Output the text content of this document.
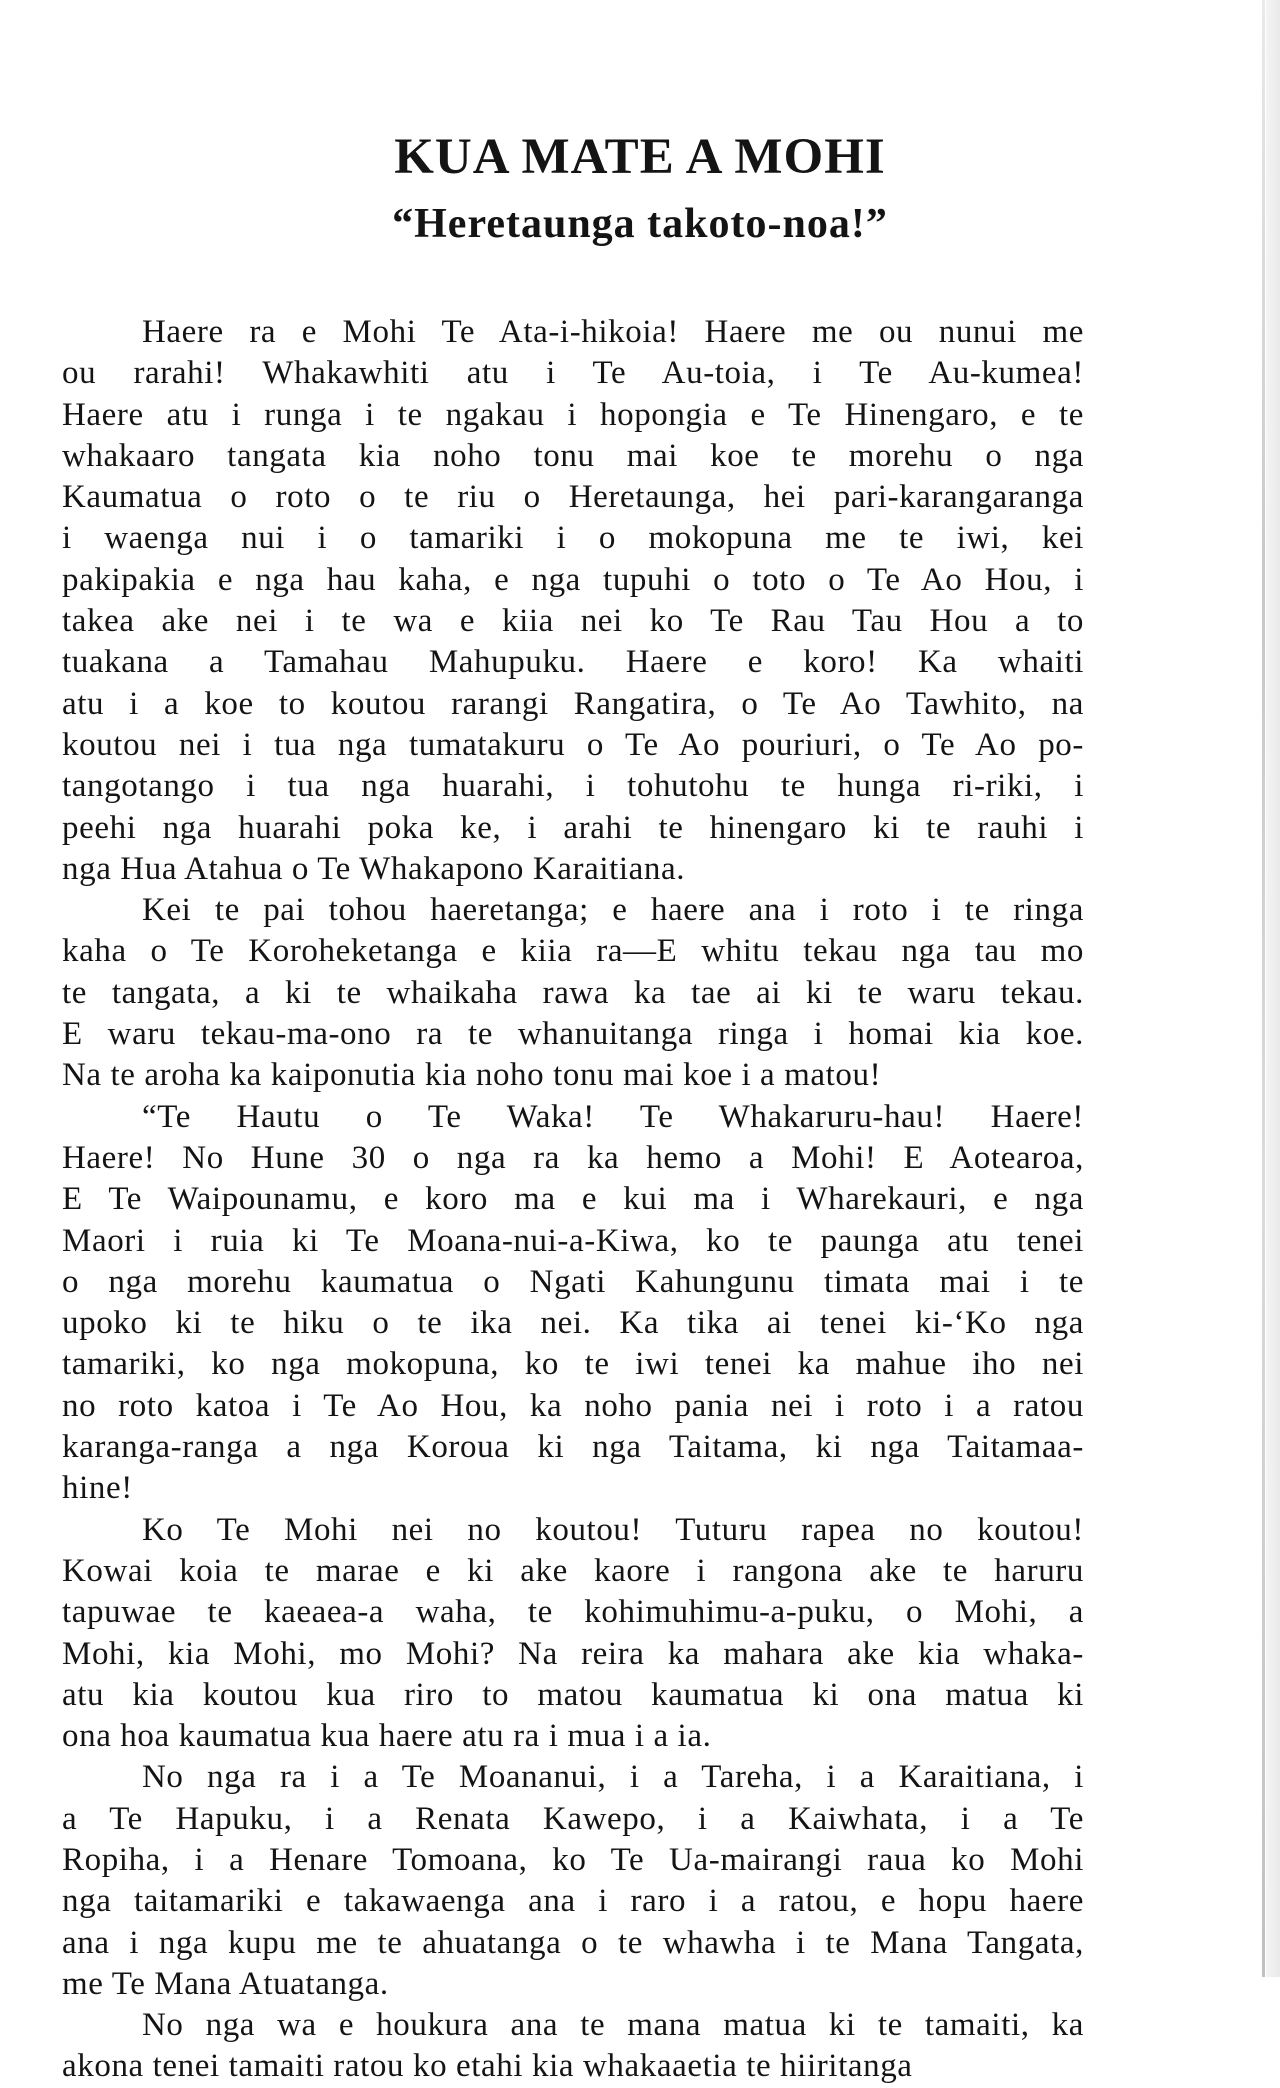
KUA MATE A MOHI
“Heretaunga takoto-noa!”
Haere ra e Mohi Te Ata-i-hikoia! Haere me ou nunui me
ou rarahi! Whakawhiti atu i Te Au-toia, i Te Au-kumea!
Haere atu i runga i te ngakau i hopongia e Te Hinengaro, e te
whakaaro tangata kia noho tonu mai koe te morehu o nga
Kaumatua o roto o te riu o Heretaunga, hei pari-karangaranga
i waenga nui i o tamariki i o mokopuna me te iwi, kei
pakipakia e nga hau kaha, e nga tupuhi o toto o Te Ao Hou, i
takea ake nei i te wa e kiia nei ko Te Rau Tau Hou a to
tuakana a Tamahau Mahupuku. Haere e koro! Ka whaiti
atu i a koe to koutou rarangi Rangatira, o Te Ao Tawhito, na
koutou nei i tua nga tumatakuru o Te Ao pouriuri, o Te Ao po-
tangotango i tua nga huarahi, i tohutohu te hunga ri-riki, i
peehi nga huarahi poka ke, i arahi te hinengaro ki te rauhi i
nga Hua Atahua o Te Whakapono Karaitiana.
Kei te pai tohou haeretanga; e haere ana i roto i te ringa
kaha o Te Koroheketanga e kiia ra—E whitu tekau nga tau mo
te tangata, a ki te whaikaha rawa ka tae ai ki te waru tekau.
E waru tekau-ma-ono ra te whanuitanga ringa i homai kia koe.
Na te aroha ka kaiponutia kia noho tonu mai koe i a matou!
“Te Hautu o Te Waka! Te Whakaruru-hau! Haere!
Haere! No Hune 30 o nga ra ka hemo a Mohi! E Aotearoa,
E Te Waipounamu, e koro ma e kui ma i Wharekauri, e nga
Maori i ruia ki Te Moana-nui-a-Kiwa, ko te paunga atu tenei
o nga morehu kaumatua o Ngati Kahungunu timata mai i te
upoko ki te hiku o te ika nei. Ka tika ai tenei ki-‘Ko nga
tamariki, ko nga mokopuna, ko te iwi tenei ka mahue iho nei
no roto katoa i Te Ao Hou, ka noho pania nei i roto i a ratou
karanga-ranga a nga Koroua ki nga Taitama, ki nga Taitamaa-
hine!
Ko Te Mohi nei no koutou! Tuturu rapea no koutou!
Kowai koia te marae e ki ake kaore i rangona ake te haruru
tapuwae te kaeaea-a waha, te kohimuhimu-a-puku, o Mohi, a
Mohi, kia Mohi, mo Mohi? Na reira ka mahara ake kia whaka-
atu kia koutou kua riro to matou kaumatua ki ona matua ki
ona hoa kaumatua kua haere atu ra i mua i a ia.
No nga ra i a Te Moananui, i a Tareha, i a Karaitiana, i
a Te Hapuku, i a Renata Kawepo, i a Kaiwhata, i a Te
Ropiha, i a Henare Tomoana, ko Te Ua-mairangi raua ko Mohi
nga taitamariki e takawaenga ana i raro i a ratou, e hopu haere
ana i nga kupu me te ahuatanga o te whawha i te Mana Tangata,
me Te Mana Atuatanga.
No nga wa e houkura ana te mana matua ki te tamaiti, ka
akona tenei tamaiti ratou ko etahi kia whakaaetia te hiiritanga
